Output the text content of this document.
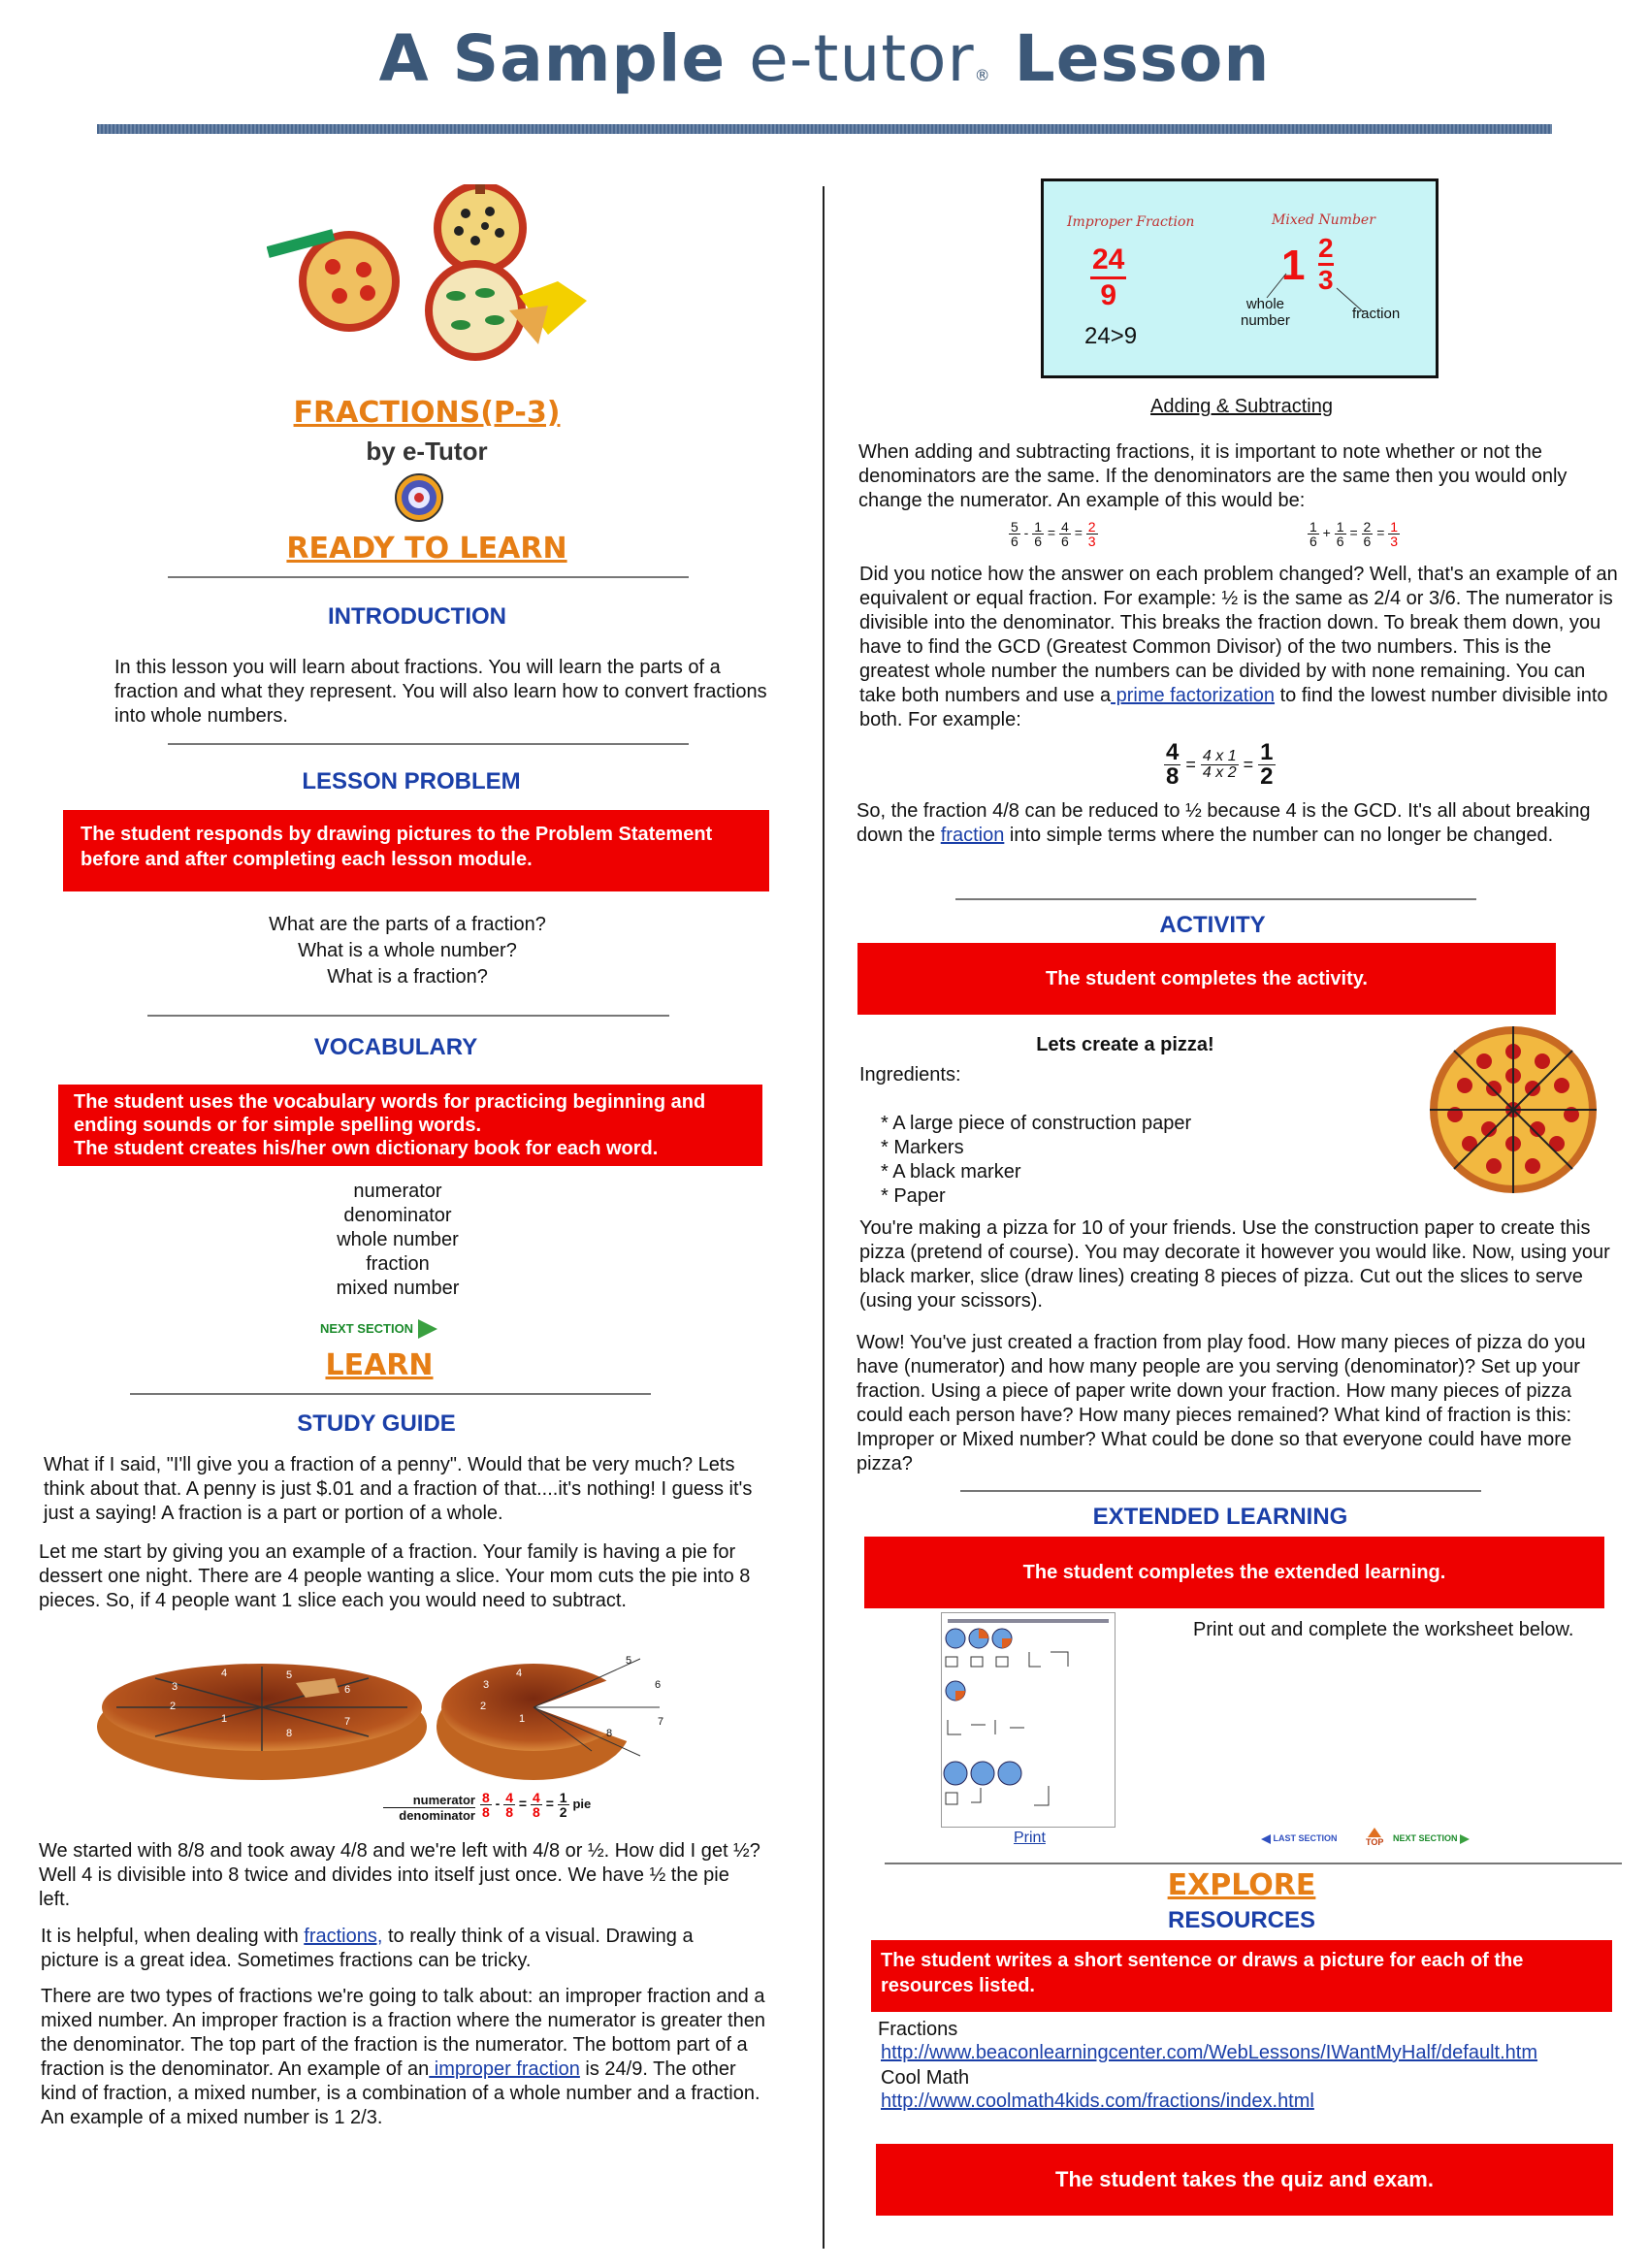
A Sample e-tutor® Lesson
FRACTIONS(P-3)
by e-Tutor
READY TO LEARN
INTRODUCTION
In this lesson you will learn about fractions. You will learn the parts of a fraction and what they represent. You will also learn how to convert fractions into whole numbers.
LESSON PROBLEM
The student responds by drawing pictures to the Problem Statement before and after completing each lesson module.
What are the parts of a fraction?
What is a whole number?
What is a fraction?
VOCABULARY
The student uses the vocabulary words for practicing beginning and ending sounds or for simple spelling words.
The student creates his/her own dictionary book for each word.
numerator
denominator
whole number
fraction
mixed number
NEXT SECTION
LEARN
STUDY GUIDE
What if I said, "I'll give you a fraction of a penny". Would that be very much? Lets think about that. A penny is just $.01 and a fraction of that....it's nothing! I guess it's just a saying! A fraction is a part or portion of a whole.
Let me start by giving you an example of a fraction. Your family is having a pie for dessert one night. There are 4 people wanting a slice. Your mom cuts the pie into 8 pieces. So, if 4 people want 1 slice each you would need to subtract.
1
2
3
4	5
6
7
8
1
2
3
4
5
6
7
8
numerator
denominator $\frac{8}{8} - \frac{4}{8} = \frac{4}{8} = \frac{1}{2}$ pie
We started with 8/8 and took away 4/8 and we're left with 4/8 or ½. How did I get ½? Well 4 is divisible into 8 twice and divides into itself just once. We have ½ the pie left.
It is helpful, when dealing with fractions, to really think of a visual. Drawing a picture is a great idea. Sometimes fractions can be tricky.
There are two types of fractions we're going to talk about: an improper fraction and a mixed number. An improper fraction is a fraction where the numerator is greater then the denominator. The top part of the fraction is the numerator. The bottom part of a fraction is the denominator. An example of an improper fraction is 24/9. The other kind of fraction, a mixed number, is a combination of a whole number and a fraction. An example of a mixed number is 1 2/3.
Improper Fraction	Mixed Number
24
9
24>9
1 2
3
whole
number	fraction
Adding & Subtracting
When adding and subtracting fractions, it is important to note whether or not the denominators are the same. If the denominators are the same then you would only change the numerator. An example of this would be:
$\frac{5}{6} - \frac{1}{6} = \frac{4}{6} = \frac{2}{3}$	$\frac{1}{6} + \frac{1}{6} = \frac{2}{6} = \frac{1}{3}$
Did you notice how the answer on each problem changed? Well, that's an example of an equivalent or equal fraction. For example: ½ is the same as 2/4 or 3/6. The numerator is divisible into the denominator. This breaks the fraction down. To break them down, you have to find the GCD (Greatest Common Divisor) of the two numbers. This is the greatest whole number the numbers can be divided by with none remaining. You can take both numbers and use a prime factorization to find the lowest number divisible into both. For example:
$\frac{4}{8} = \frac{4 x 1}{4 x 2} = \frac{1}{2}$
So, the fraction 4/8 can be reduced to ½ because 4 is the GCD. It's all about breaking down the fraction into simple terms where the number can no longer be changed.
ACTIVITY
The student completes the activity.
Lets create a pizza!
Ingredients:
* A large piece of construction paper
* Markers
* A black marker
* Paper
You're making a pizza for 10 of your friends. Use the construction paper to create this pizza (pretend of course). You may decorate it however you would like. Now, using your black marker, slice (draw lines) creating 8 pieces of pizza. Cut out the slices to serve (using your scissors).
Wow! You've just created a fraction from play food. How many pieces of pizza do you have (numerator) and how many people are you serving (denominator)? Set up your fraction. Using a piece of paper write down your fraction. How many pieces of pizza could each person have? How many pieces remained? What kind of fraction is this: Improper or Mixed number? What could be done so that everyone could have more pizza?
EXTENDED LEARNING
The student completes the extended learning.
Print out and complete the worksheet below.
Print	LAST SECTION	TOP NEXT SECTION
EXPLORE
RESOURCES
The student writes a short sentence or draws a picture for each of the resources listed.
Fractions
http://www.beaconlearningcenter.com/WebLessons/IWantMyHalf/default.htm
Cool Math
http://www.coolmath4kids.com/fractions/index.html
The student takes the quiz and exam.
